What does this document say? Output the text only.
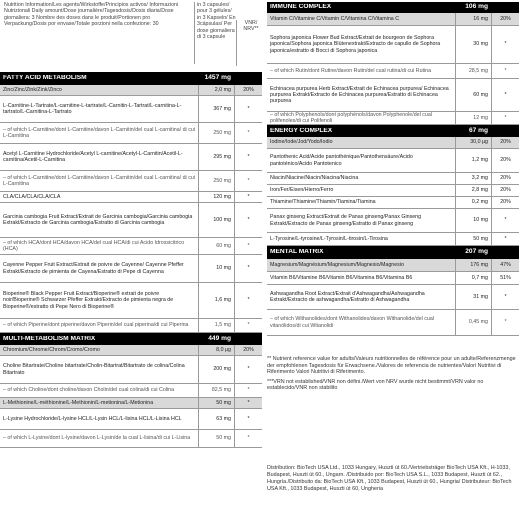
Nutrition Information/Les agents/Wirkstoffe/Principios activos/ Informazioni Nutrizionali Daily amount/Dose journalière/Tagesdosis/Dosis diaria/Dose giornaliera: 3 Nombre des doses dans le produit/Portionen pro Verpackung/Dosis por envase/Totale porzioni nella confezione: 30
in 3 capsules/ pour 3 gélules/ in 3 Kapseln/ En 3cápsulas/ Per dose giornaliera di 3 capsule
VNR/ NRV**
FATTY ACID METABOLISM	1457 mg
Zinc/Zinc/Zink/Zink/Zinco	2,0 mg	20%
L-Carnitine-L-Tartrate/L-carnitine-L-tartrate/L-Carnitin-L-Tartrat/L-carnitina-L-tartrato/L-Carnitina-L-Tartrato
367 mg	*
– of which L-Carnitine/dont L-Carnitine/davon L-Carnitin/del cual L-carnitina/ di cui L-Carnitina
250 mg	*
Acetyl L-Carnitine Hydrochloride/Acetyl L-carnitine/Acetyl-L-Carnitin/Acetil-L-carnitina/Acetil-L-Carnitina
295 mg	*
– of which L-Carnitine/dont L-Carnitine/davon L-Carnitin/del cual L-carnitina/ di cui L-Carnitina
250 mg	*
CLA/CLA/CLA/CLA/CLA	120 mg	*
Garcinia cambogia Fruit Extract/Extrait de Garcinia cambogia/Garcinia cambogia Extrakt/Extracto de Garcinia cambogia/Estratto di Garcinia cambogia
100 mg	*
– of which HCA/dont HCA/davon HCA/del cual HCA/di cui Acido Idrossicitrico (HCA)
60 mg	*
Cayenne Pepper Fruit Extract/Extrait de poivre de Cayenne/ Cayenne Pfeffer Extrakt/Extracto de pimienta de Cayena/Estratto di Pepe di Cayenna
10 mg	*
Bioperine® Black Pepper Fruit Extract/Bioperine® extrait de poivre noir/Bioperine® Schwarzer Pfeffer Extrakt/Extracto de pimienta negra de Bioperine®/estratto di Pepe Nero di Bioperine®
1,6 mg	*
– of which Piperine/dont piperine/davon Piperin/del cual piperina/di cui Piperina	1,5 mg	*
MULTI-METABOLISM MATRIX	449 mg
Chromium/Chrome/Chrom/Cromo/Cromo	8,0 µg	20%
Choline Bitartrate/Choline bitartrate/Cholin-Bitartrat/Bitartrato de colina/Colina Bitartrato
200 mg	*
– of which Choline/dont choline/davon Cholin/del cual colina/di cui Colina	82,5 mg	*
L-Methionine/L-méthionine/L-Methionin/L-metionina/L-Metionina	50 mg	*
L-Lysine Hydrochloride/L-lysine HCL/L-Lysin HCL/L-lisina HCL/L-Lisina HCL	63 mg	*
– of which L-Lysine/dont L-lysine/davon L-Lysin/de la cual L-lisina/di cui L-Lisina	50 mg	*
IMMUNE COMPLEX	106 mg
Vitamin C/Vitamine C/Vitamin C/Vitamina C/Vitamina C	16 mg	20%
Sophora japonica Flower Bud Extract/Extrait de bourgeon de Sophora japonica/Sophora japonica Blütenextrakt/Extracto de capullo de Sophora japonica/estratto di Bocci di Sophora japonica
30 mg	*
– of which Rutin/dont Rutine/davon Rutin/del cual rutina/di cui Rutina	28,5 mg	*
Echinacea purpurea Herb Extract/Extrait de Echinacea purpurea/ Echinacea purpurea Extrakt/Extracto de Echinacea purpurea/Estratto di Echinacea purpurea
60 mg	*
– of which Polyphenols/dont polyphénols/davon Polyphenole/del cual polifenoles/di cui Polifenoli
12 mg	*
ENERGY COMPLEX	67 mg
Iodine/Iode/Jod/Yodo/Iodio	30,0 µg	20%
Pantothenic Acid/Acide pantothénique/Pantothensäure/Ácido pantoténico/Acido Pantotenico
1,2 mg	20%
Niacin/Niacine/Niacin/Niacina/Niacina	3,2 mg	20%
Iron/Fer/Eisen/Hierro/Ferro	2,8 mg	20%
Thiamine/Thiamine/Thiamin/Tiamina/Tiamina	0,2 mg	20%
Panax ginseng Extract/Extrait de Panax ginseng/Panax Ginseng Extrakt/Extracto de Panax ginseng/Estratto di Panax ginseng
10 mg	*
L-Tyrosine/L-tyrosine/L-Tyrosin/L-tirosin/L-Tirosina	50 mg	*
MENTAL MATRIX	207 mg
Magnesium/Magnésium/Magnesium/Magnesio/Magnesio	176 mg	47%
Vitamin B6/Vitamine B6/Vitamin B6/Vitamina B6/Vitamina B6	0,7 mg	51%
Ashwagandha Root Extract/Extrait d'Ashwagandha/Ashwagandha Extrakt/Extracto de ashwagandha/Estratto di Ashwagandha
31 mg	*
– of which Withanolides/dont Withanolides/davon Withanolide/del cual vitanólidos/di cui Witanolidi
0,45 mg	*
** Nutrient reference value for adults/Valeurs nutritionnelles de référence pour un adulte/Referenzmenge der empfohlenen Tagesdosis für Erwachsene./Valores de referencia de nutrientes/Valori Nutritivi di Riferimento Valori Nutritivi di Riferimento.
***VRN not established/VNR non défini./Wert von NRV wurde nicht bestimmt/VRN valor no establecido/VNR non stabilito
Distribution: BioTech USA Ltd., 1033 Hungary, Huszti út 60./Vertriebsträger BioTech USA Kft., H-1033, Budapest, Huszti út 60., Ungarn. /Distribuido por: BioTech USA S.L., 1033 Budapest, Huszti út 62., Hungría./Distribuito da: BioTech USA Kft., 1033 Budapest, Huszti út 60., Hungria/ Distributeur: BioTech USA Kft., 1033 Budapest, Huszti út 60, Ungheria
